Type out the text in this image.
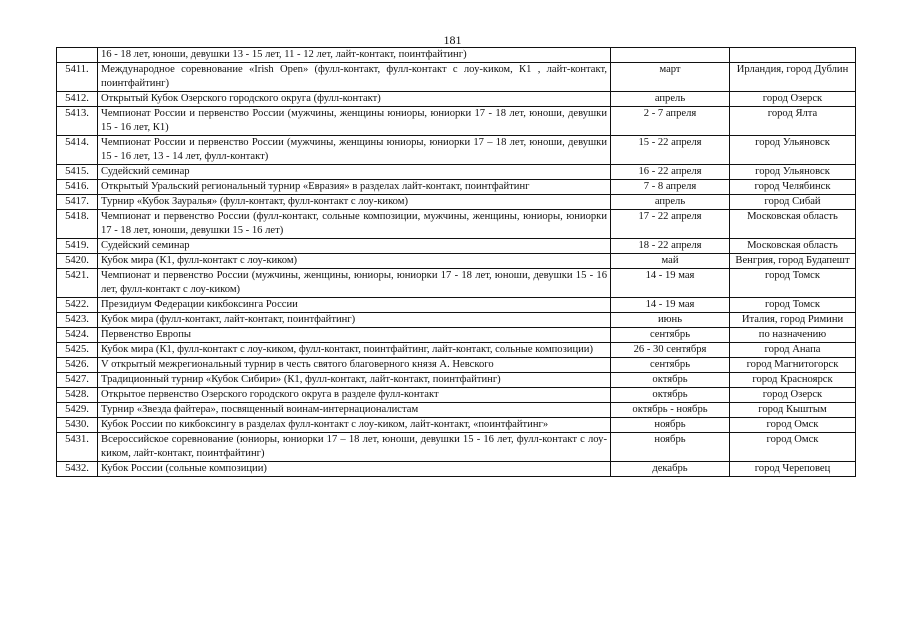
181
	16 - 18 лет, юноши, девушки 13 - 15 лет, 11 - 12 лет, лайт-контакт, поинтфайтинг)		
5411.	Международное соревнование «Irish Open» (фулл-контакт, фулл-контакт с лоу-киком, К1 , лайт-контакт, поинтфайтинг)	март	Ирландия, город Дублин
5412.	Открытый Кубок Озерского городского округа (фулл-контакт)	апрель	город Озерск
5413.	Чемпионат России и первенство России (мужчины, женщины юниоры, юниорки 17 - 18 лет, юноши, девушки 15 - 16 лет, К1)	2 - 7 апреля	город Ялта
5414.	Чемпионат России и первенство России (мужчины, женщины юниоры, юниорки 17 – 18 лет, юноши, девушки 15 - 16 лет, 13 - 14 лет, фулл-контакт)	15 - 22 апреля	город Ульяновск
5415.	Судейский семинар	16 - 22 апреля	город Ульяновск
5416.	Открытый Уральский региональный турнир «Евразия» в разделах лайт-контакт, поинтфайтинг	7 - 8 апреля	город Челябинск
5417.	Турнир «Кубок Зауралья» (фулл-контакт, фулл-контакт с лоу-киком)	апрель	город Сибай
5418.	Чемпионат и первенство России (фулл-контакт, сольные композиции, мужчины, женщины, юниоры, юниорки 17 - 18 лет, юноши, девушки 15 - 16 лет)	17 - 22 апреля	Московская область
5419.	Судейский семинар	18 - 22 апреля	Московская область
5420.	Кубок мира (К1, фулл-контакт с лоу-киком)	май	Венгрия, город Будапешт
5421.	Чемпионат и первенство России (мужчины, женщины, юниоры, юниорки 17 - 18 лет, юноши, девушки 15 - 16 лет, фулл-контакт с лоу-киком)	14 - 19 мая	город Томск
5422.	Президиум Федерации кикбоксинга России	14 - 19 мая	город Томск
5423.	Кубок мира (фулл-контакт, лайт-контакт, поинтфайтинг)	июнь	Италия, город Римини
5424.	Первенство Европы	сентябрь	по назначению
5425.	Кубок мира (К1, фулл-контакт с лоу-киком, фулл-контакт, поинтфайтинг, лайт-контакт, сольные композиции)	26 - 30 сентября	город Анапа
5426.	V открытый межрегиональный турнир в честь святого благоверного князя А. Невского	сентябрь	город Магнитогорск
5427.	Традиционный турнир «Кубок Сибири» (К1, фулл-контакт, лайт-контакт, поинтфайтинг)	октябрь	город Красноярск
5428.	Открытое первенство Озерского городского округа в разделе фулл-контакт	октябрь	город Озерск
5429.	Турнир «Звезда файтера», посвященный воинам-интернационалистам	октябрь - ноябрь	город Кыштым
5430.	Кубок России по кикбоксингу в разделах фулл-контакт с лоу-киком, лайт-контакт, «поинтфайтинг»	ноябрь	город Омск
5431.	Всероссийское соревнование (юниоры, юниорки 17 – 18 лет, юноши, девушки 15 - 16 лет, фулл-контакт с лоу-киком, лайт-контакт, поинтфайтинг)	ноябрь	город Омск
5432.	Кубок России (сольные композиции)	декабрь	город Череповец
